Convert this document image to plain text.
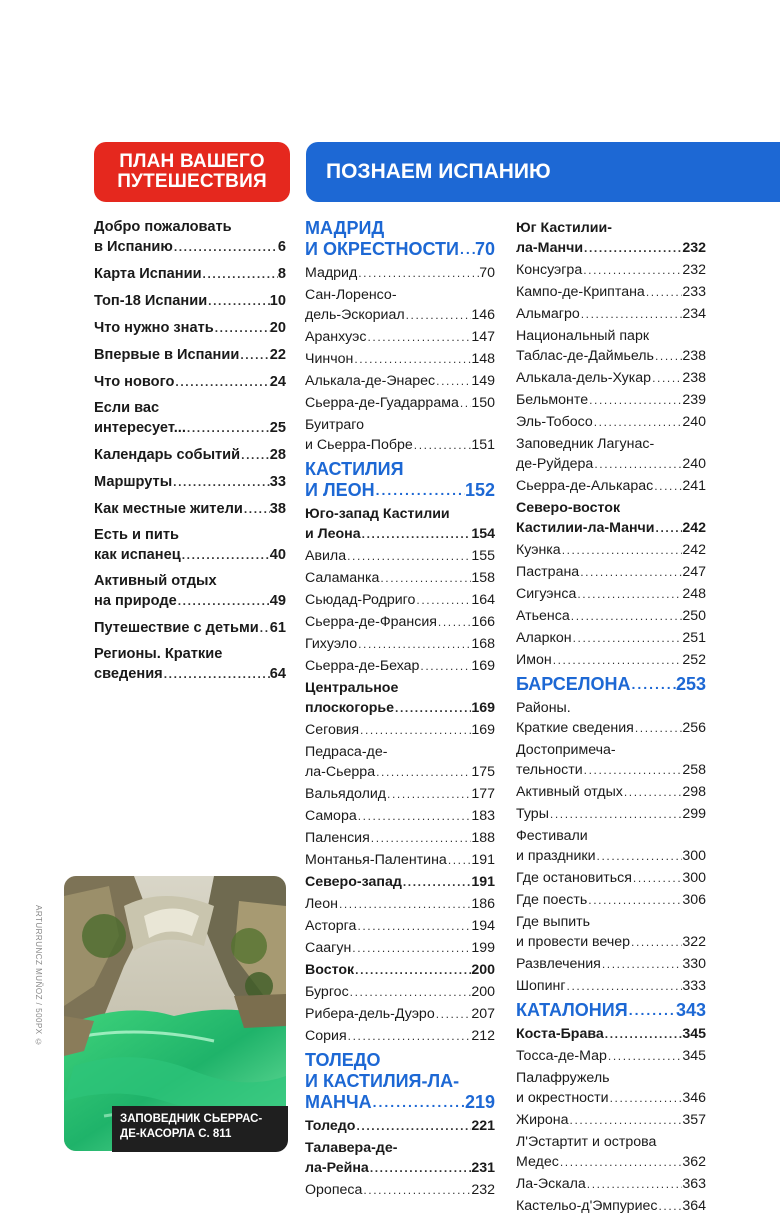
ПЛАН ВАШЕГО
ПУТЕШЕСТВИЯ	ПОЗНАЕМ ИСПАНИЮ
Добро пожаловать
в Испанию .....	6
Карта Испании .....	8
Топ-18 Испании .....	10
Что нужно знать .....	20
Впервые в Испании ..... 22
Что нового .....	24
Если вас
интересует... .....	25
Календарь событий ..... 28
Маршруты .....	33
Как местные жители ..... 38
Есть и пить
как испанец .....	40
Активный отдых
на природе .....	49
Путешествие с детьми ..... 61
Регионы. Краткие
сведения .....	64
МАДРИД
И ОКРЕСТНОСТИ ..... 70
Мадрид .....	70
Сан-Лоренсо-
дель-Эскориал .....	146
Аранхуэс .....	147
Чинчон .....	148
Алькала-де-Энарес .....	149
Сьерра-де-Гуадаррама ..... 150
Буитраго
и Сьерра-Побре .....	151
КАСТИЛИЯ
И ЛЕОН .....	152
Юго-запад Кастилии
и Леона .....	154
Авила .....	155
Саламанка .....	158
Сьюдад-Родриго .....	164
Сьерра-де-Франсия ..... 166
Гихуэло .....	168
Сьерра-де-Бехар .....	169
Центральное
плоскогорье .....	169
Сеговия .....	169
Педраса-де-
ла-Сьерра .....	175
Вальядолид .....	177
Самора .....	183
Паленсия .....	188
Монтанья-Палентина ..... 191
Северо-запад .....	191
Леон .....	186
Асторга .....	194
Саагун .....	199
Восток .....	200
Бургос .....	200
Рибера-дель-Дуэро .....	207
Сория .....	212
ТОЛЕДО
И КАСТИЛИЯ-ЛА-
МАНЧА .....	219
Толедо .....	221
Талавера-де-
ла-Рейна .....	231
Оропеса .....	232
Юг Кастилии-
ла-Манчи .....	232
Консуэгра .....	232
Кампо-де-Криптана .....	233
Альмагро .....	234
Национальный парк
Таблас-де-Даймьель ..... 238
Алькала-дель-Хукар ..... 238
Бельмонте .....	239
Эль-Тобосо .....	240
Заповедник Лагунас-
де-Руйдера .....	240
Сьерра-де-Алькарас ..... 241
Северо-восток
Кастилии-ла-Манчи ..... 242
Куэнка .....	242
Пастрана .....	247
Сигуэнса .....	248
Атьенса .....	250
Аларкон .....	251
Имон .....	252
БАРСЕЛОНА .....	253
Районы.
Краткие сведения .....	256
Достопримеча-
тельности .....	258
Активный отдых .....	298
Туры .....	299
Фестивали
и праздники .....	300
Где остановиться .....	300
Где поесть .....	306
Где выпить
и провести вечер .....	322
Развлечения .....	330
Шопинг .....	333
КАТАЛОНИЯ .....	343
Коста-Брава .....	345
Тосса-де-Мар .....	345
Палафружель
и окрестности .....	346
Жирона .....	357
Л'Эстартит и острова
Медес .....	362
Ла-Эскала .....	363
Кастельо-д'Эмпуриес ..... 364
ARTURRUNCZ MUÑOZ / 500PX ©
ЗАПОВЕДНИК СЬЕРРАС-
ДЕ-КАСОРЛА С. 811
